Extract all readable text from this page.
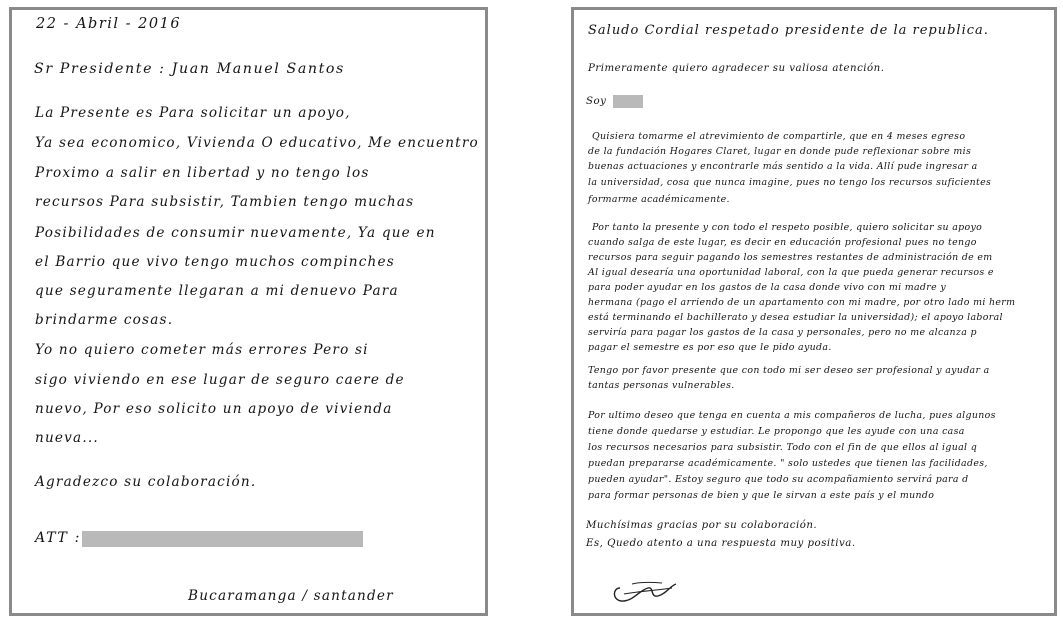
22 - Abril - 2016
Sr Presidente : Juan Manuel Santos
La Presente es Para solicitar un apoyo,
Ya sea economico, Vivienda O educativo, Me encuentro
Proximo a salir en libertad y no tengo los
recursos Para subsistir, Tambien tengo muchas
Posibilidades de consumir nuevamente, Ya que en
el Barrio que vivo tengo muchos compinches
que seguramente llegaran a mi denuevo Para
brindarme cosas.
Yo no quiero cometer más errores Pero si
sigo viviendo en ese lugar de seguro caere de
nuevo, Por eso solicito un apoyo de vivienda
nueva...
Agradezco su colaboración.
ATT :
Bucaramanga / santander
Saludo Cordial respetado presidente de la republica.
Primeramente quiero agradecer su valiosa atención.
Soy
Quisiera tomarme el atrevimiento de compartirle, que en 4 meses egreso
de la fundación Hogares Claret, lugar en donde pude reflexionar sobre mis
buenas actuaciones y encontrarle más sentido a la vida. Allí pude ingresar a
la universidad, cosa que nunca imagine, pues no tengo los recursos suficientes
formarme académicamente.
Por tanto la presente y con todo el respeto posible, quiero solicitar su apoyo
cuando salga de este lugar, es decir en educación profesional pues no tengo
recursos para seguir pagando los semestres restantes de administración de em
Al igual desearía una oportunidad laboral, con la que pueda generar recursos e
para poder ayudar en los gastos de la casa donde vivo con mi madre y
hermana (pago el arriendo de un apartamento con mi madre, por otro lado mi herm
está terminando el bachillerato y desea estudiar la universidad); el apoyo laboral
serviría para pagar los gastos de la casa y personales, pero no me alcanza p
pagar el semestre es por eso que le pido ayuda.
Tengo por favor presente que con todo mi ser deseo ser profesional y ayudar a
tantas personas vulnerables.
Por ultimo deseo que tenga en cuenta a mis compañeros de lucha, pues algunos
tiene donde quedarse y estudiar. Le propongo que les ayude con una casa
los recursos necesarios para subsistir. Todo con el fin de que ellos al igual q
puedan prepararse académicamente. " solo ustedes que tienen las facilidades,
pueden ayudar". Estoy seguro que todo su acompañamiento servirá para d
para formar personas de bien y que le sirvan a este país y el mundo
Muchísimas gracias por su colaboración.
Es, Quedo atento a una respuesta muy positiva.
